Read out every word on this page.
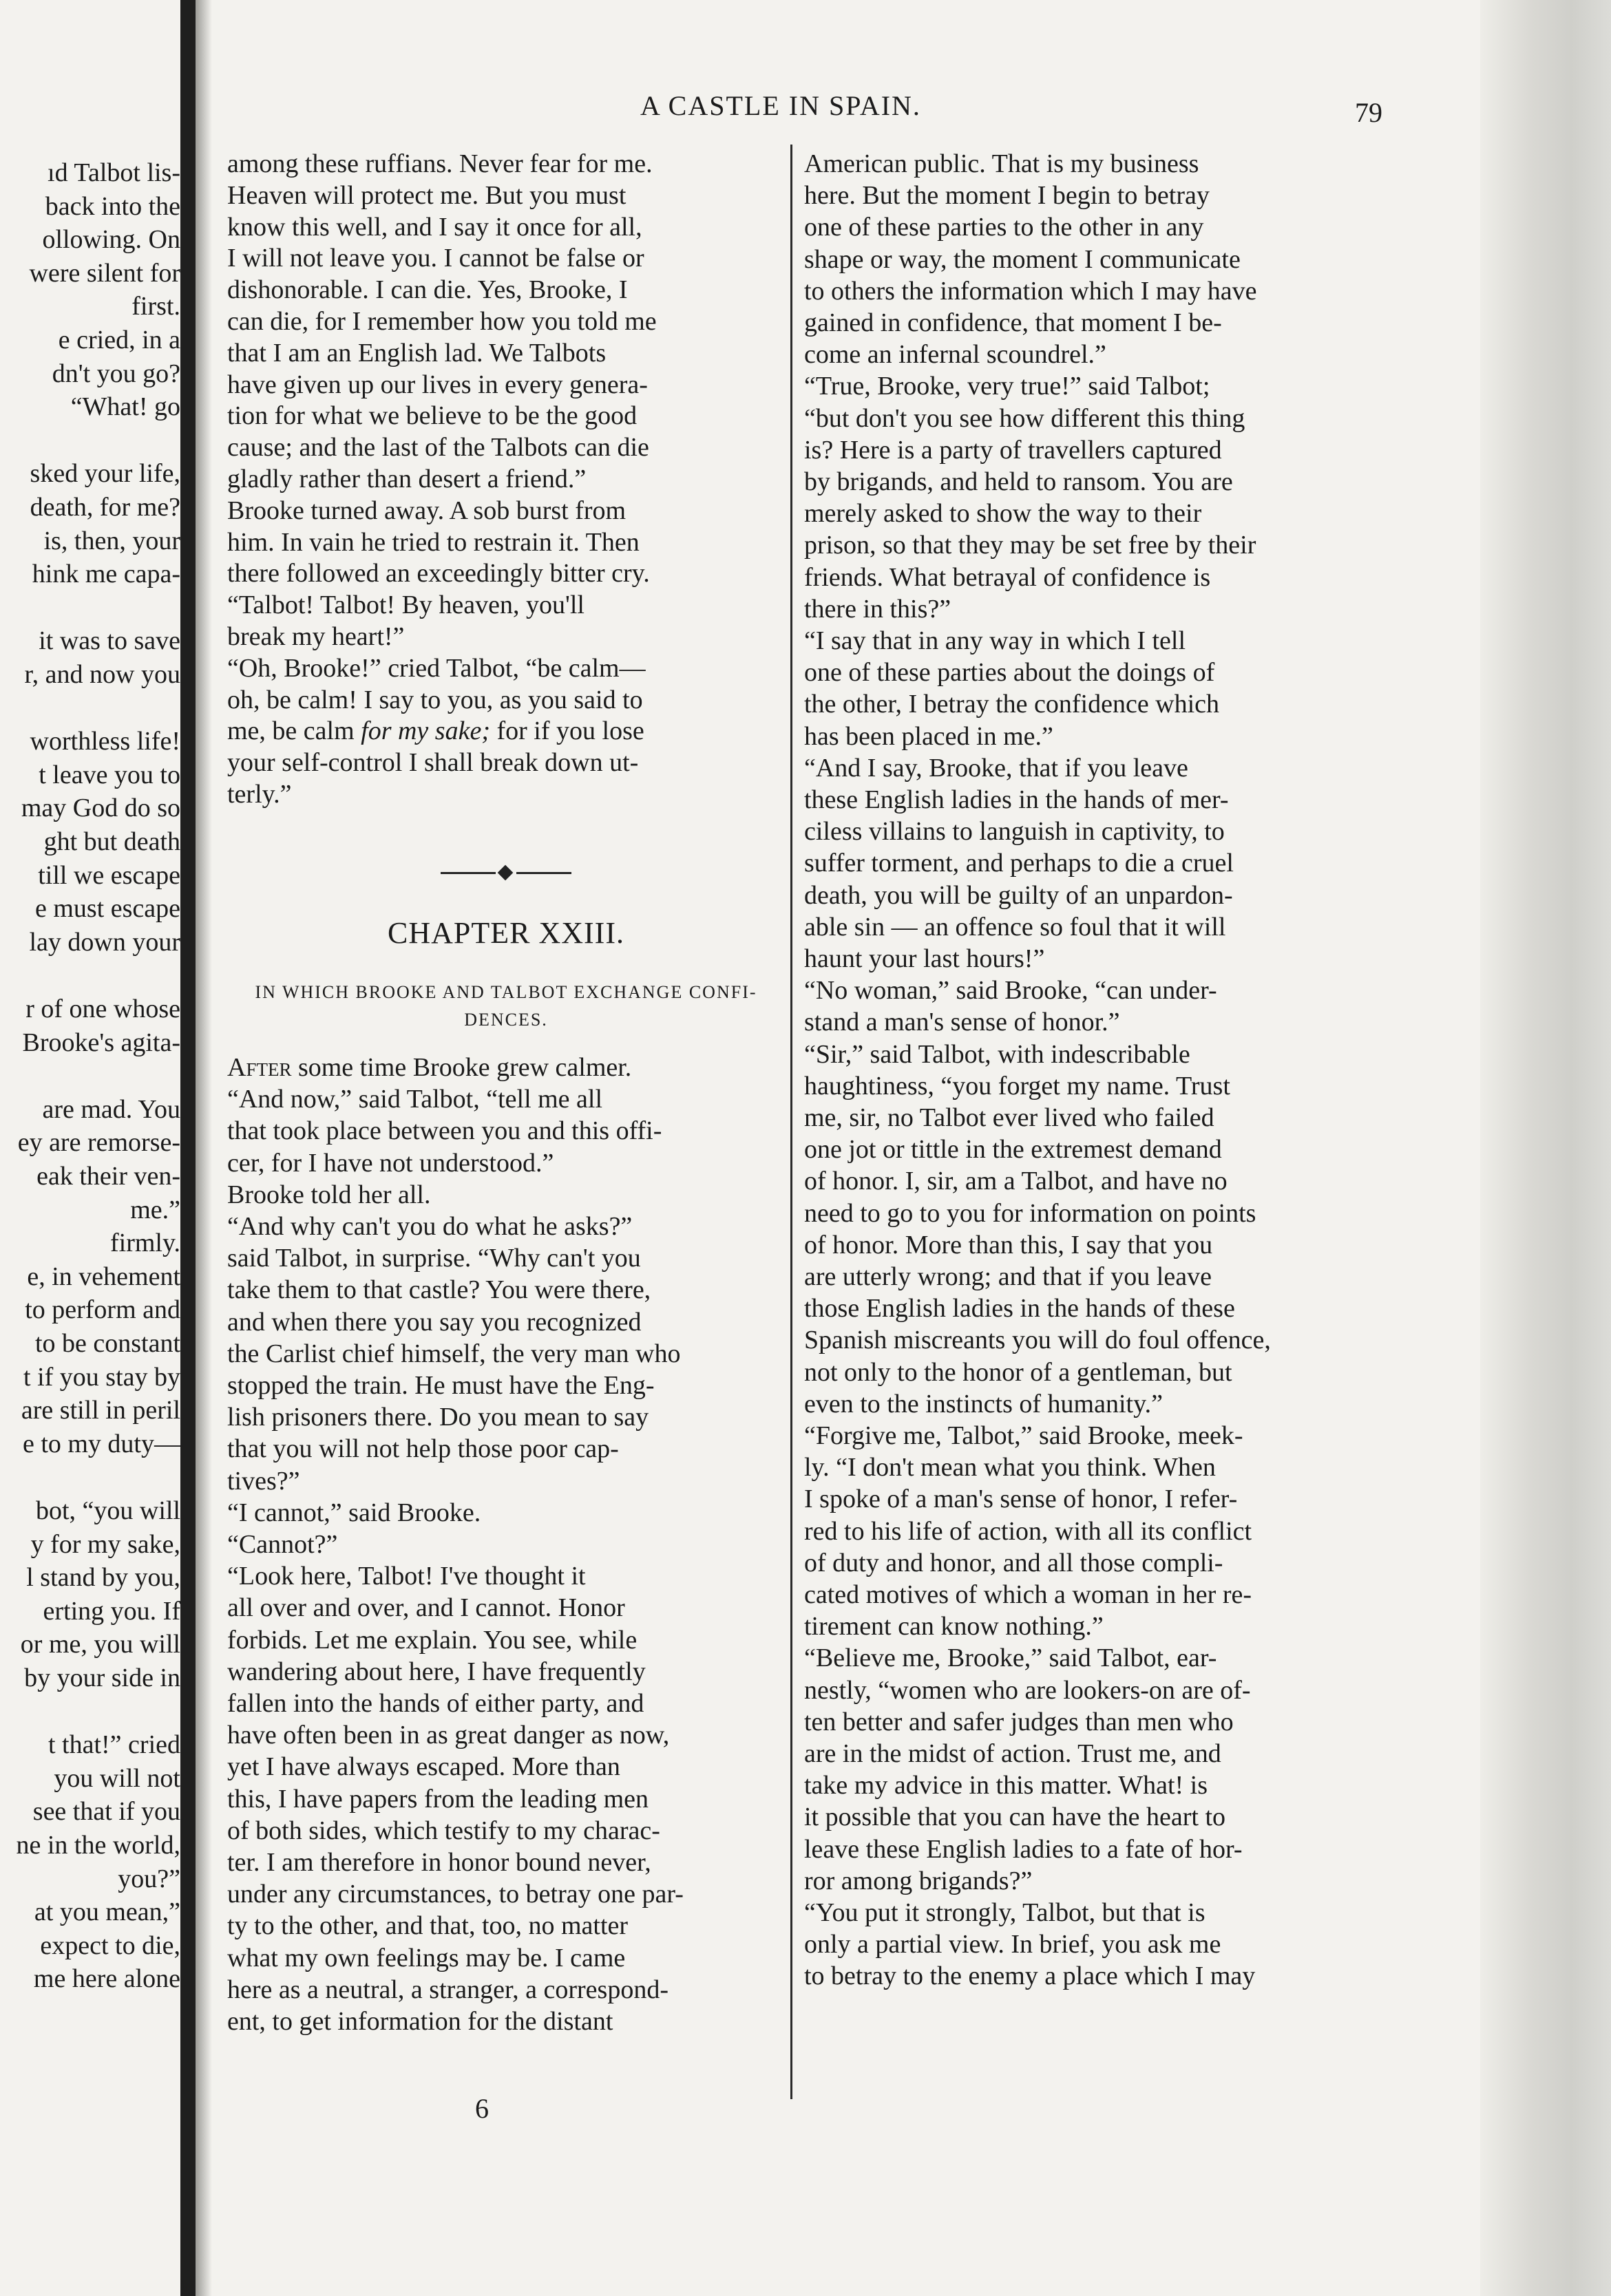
A CASTLE IN SPAIN.	79
ıd Talbot lis-
back into the
ollowing. On
were silent for
first.
e cried, in a
dn't you go?
“What! go
sked your life,
death, for me?
is, then, your
hink me capa-
it was to save
r, and now you
worthless life!
t leave you to
may God do so
ght but death
till we escape
e must escape
lay down your
r of one whose
Brooke's agita-
are mad. You
ey are remorse-
eak their ven-
me.”
firmly.
e, in vehement
to perform and
to be constant
t if you stay by
are still in peril
e to my duty—
bot, “you will
y for my sake,
l stand by you,
erting you. If
or me, you will
by your side in
t that!” cried
you will not
see that if you
ne in the world,
you?”
at you mean,”
expect to die,
me here alone
among these ruffians. Never fear for me.
Heaven will protect me. But you must
know this well, and I say it once for all,
I will not leave you. I cannot be false or
dishonorable. I can die. Yes, Brooke, I
can die, for I remember how you told me
that I am an English lad. We Talbots
have given up our lives in every genera-
tion for what we believe to be the good
cause; and the last of the Talbots can die
gladly rather than desert a friend.”
Brooke turned away. A sob burst from
him. In vain he tried to restrain it. Then
there followed an exceedingly bitter cry.
“Talbot! Talbot! By heaven, you'll
break my heart!”
“Oh, Brooke!” cried Talbot, “be calm—
oh, be calm! I say to you, as you said to
me, be calm for my sake; for if you lose
your self-control I shall break down ut-
terly.”
After some time Brooke grew calmer.
“And now,” said Talbot, “tell me all
that took place between you and this offi-
cer, for I have not understood.”
Brooke told her all.
“And why can't you do what he asks?”
said Talbot, in surprise. “Why can't you
take them to that castle? You were there,
and when there you say you recognized
the Carlist chief himself, the very man who
stopped the train. He must have the Eng-
lish prisoners there. Do you mean to say
that you will not help those poor cap-
tives?”
“I cannot,” said Brooke.
“Cannot?”
“Look here, Talbot! I've thought it
all over and over, and I cannot. Honor
forbids. Let me explain. You see, while
wandering about here, I have frequently
fallen into the hands of either party, and
have often been in as great danger as now,
yet I have always escaped. More than
this, I have papers from the leading men
of both sides, which testify to my charac-
ter. I am therefore in honor bound never,
under any circumstances, to betray one par-
ty to the other, and that, too, no matter
what my own feelings may be. I came
here as a neutral, a stranger, a correspond-
ent, to get information for the distant
CHAPTER XXIII.
IN WHICH BROOKE AND TALBOT EXCHANGE CONFI-
DENCES.
American public. That is my business
here. But the moment I begin to betray
one of these parties to the other in any
shape or way, the moment I communicate
to others the information which I may have
gained in confidence, that moment I be-
come an infernal scoundrel.”
“True, Brooke, very true!” said Talbot;
“but don't you see how different this thing
is? Here is a party of travellers captured
by brigands, and held to ransom. You are
merely asked to show the way to their
prison, so that they may be set free by their
friends. What betrayal of confidence is
there in this?”
“I say that in any way in which I tell
one of these parties about the doings of
the other, I betray the confidence which
has been placed in me.”
“And I say, Brooke, that if you leave
these English ladies in the hands of mer-
ciless villains to languish in captivity, to
suffer torment, and perhaps to die a cruel
death, you will be guilty of an unpardon-
able sin — an offence so foul that it will
haunt your last hours!”
“No woman,” said Brooke, “can under-
stand a man's sense of honor.”
“Sir,” said Talbot, with indescribable
haughtiness, “you forget my name. Trust
me, sir, no Talbot ever lived who failed
one jot or tittle in the extremest demand
of honor. I, sir, am a Talbot, and have no
need to go to you for information on points
of honor. More than this, I say that you
are utterly wrong; and that if you leave
those English ladies in the hands of these
Spanish miscreants you will do foul offence,
not only to the honor of a gentleman, but
even to the instincts of humanity.”
“Forgive me, Talbot,” said Brooke, meek-
ly. “I don't mean what you think. When
I spoke of a man's sense of honor, I refer-
red to his life of action, with all its conflict
of duty and honor, and all those compli-
cated motives of which a woman in her re-
tirement can know nothing.”
“Believe me, Brooke,” said Talbot, ear-
nestly, “women who are lookers-on are of-
ten better and safer judges than men who
are in the midst of action. Trust me, and
take my advice in this matter. What! is
it possible that you can have the heart to
leave these English ladies to a fate of hor-
ror among brigands?”
“You put it strongly, Talbot, but that is
only a partial view. In brief, you ask me
to betray to the enemy a place which I may
6
